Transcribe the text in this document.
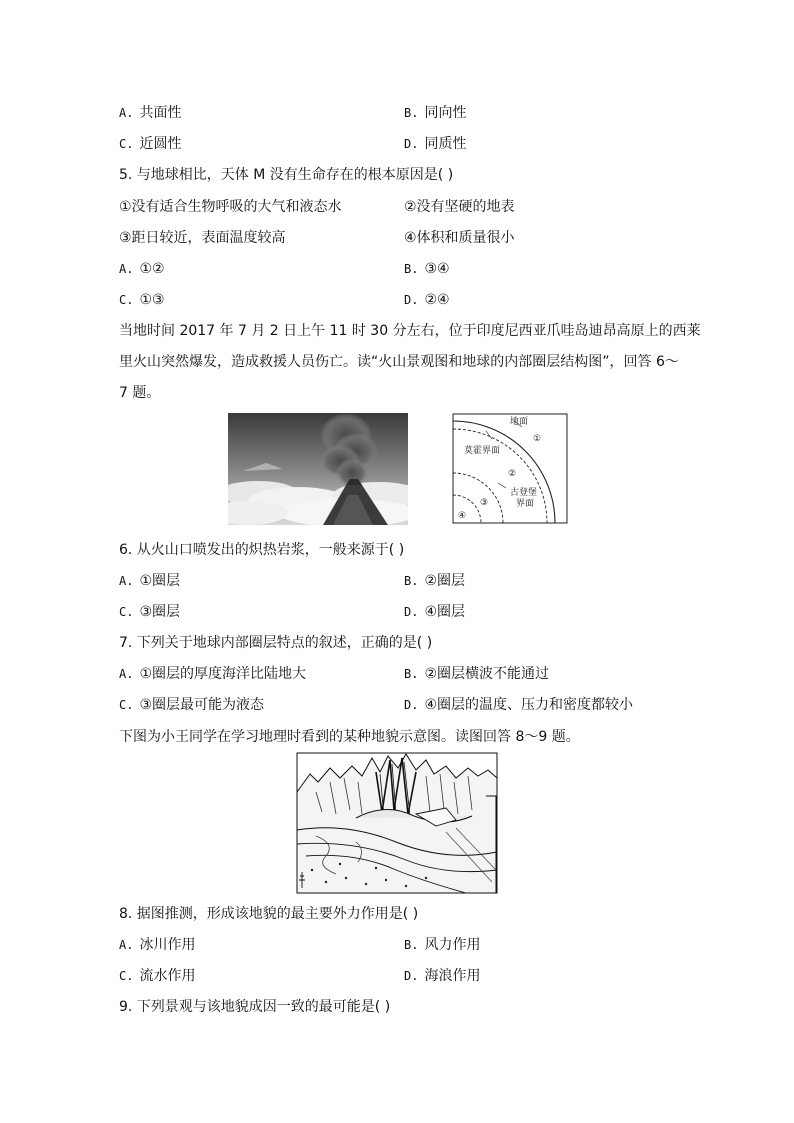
A. 共面性	B. 同向性
C. 近圆性	D. 同质性
5. 与地球相比，天体 M 没有生命存在的根本原因是( )
①没有适合生物呼吸的大气和液态水	②没有坚硬的地表
③距日较近，表面温度较高	④体积和质量很小
A. ①②	B. ③④
C. ①③	D. ②④
当地时间 2017 年 7 月 2 日上午 11 时 30 分左右，位于印度尼西亚爪哇岛迪昂高原上的西莱
里火山突然爆发，造成救援人员伤亡。读“火山景观图和地球的内部圈层结构图”，回答 6～
7 题。
地面
莫霍界面
古登堡
界面
①
②
③
④
6. 从火山口喷发出的炽热岩浆，一般来源于( )
A. ①圈层	B. ②圈层
C. ③圈层	D. ④圈层
7. 下列关于地球内部圈层特点的叙述，正确的是( )
A. ①圈层的厚度海洋比陆地大	B. ②圈层横波不能通过
C. ③圈层最可能为液态	D. ④圈层的温度、压力和密度都较小
下图为小王同学在学习地理时看到的某种地貌示意图。读图回答 8～9 题。
8. 据图推测，形成该地貌的最主要外力作用是( )
A. 冰川作用	B. 风力作用
C. 流水作用	D. 海浪作用
9. 下列景观与该地貌成因一致的最可能是( )
